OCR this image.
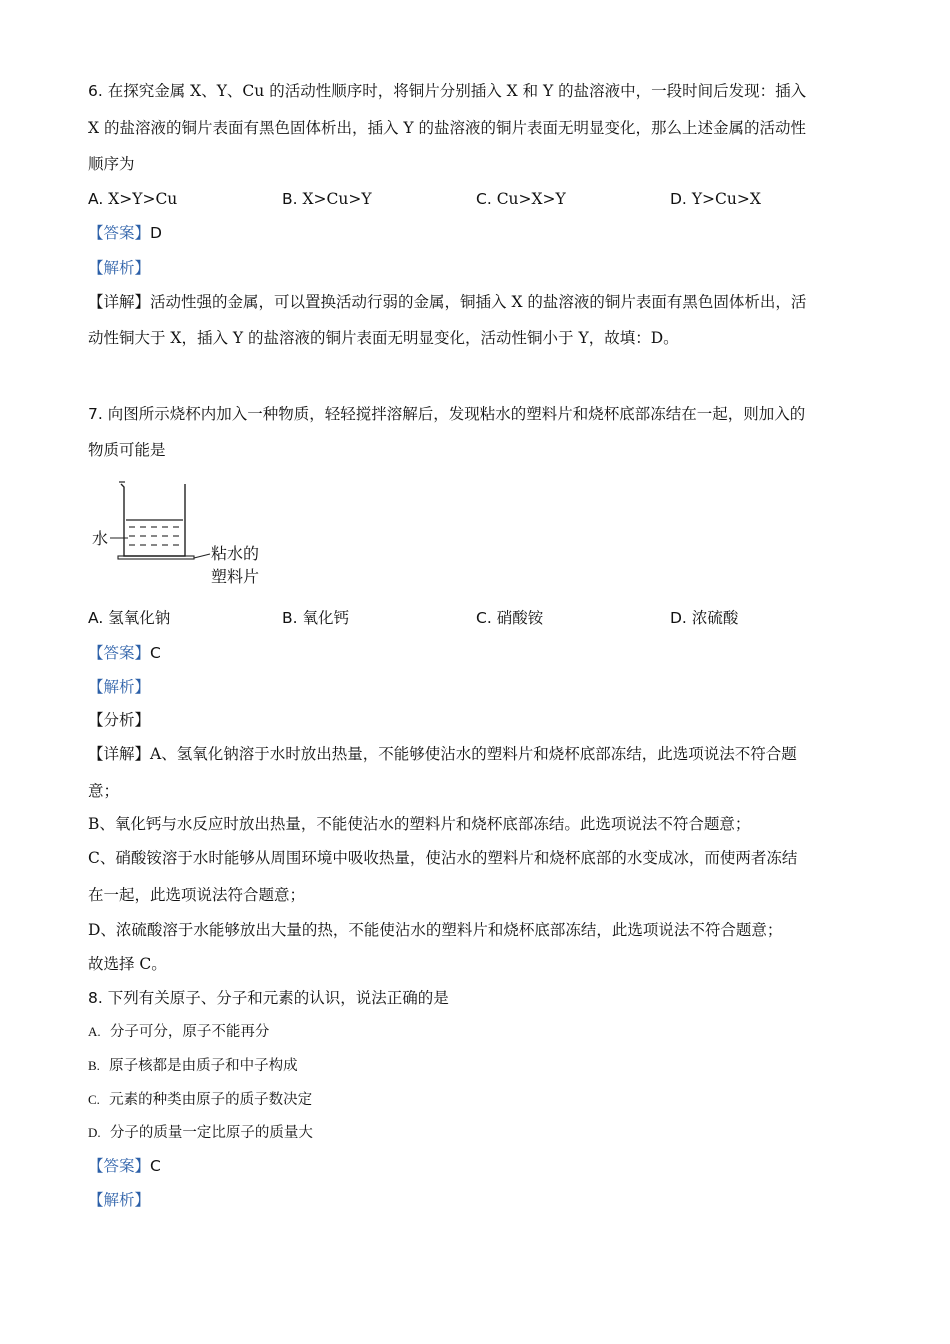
6. 在探究金属 X、Y、Cu 的活动性顺序时，将铜片分别插入 X 和 Y 的盐溶液中，一段时间后发现：插入
X 的盐溶液的铜片表面有黑色固体析出，插入 Y 的盐溶液的铜片表面无明显变化，那么上述金属的活动性
顺序为
A. X>Y>Cu	B. X>Cu>Y	C. Cu>X>Y	D. Y>Cu>X
【答案】D
【解析】
【详解】活动性强的金属，可以置换活动行弱的金属，铜插入 X 的盐溶液的铜片表面有黑色固体析出，活
动性铜大于 X，插入 Y 的盐溶液的铜片表面无明显变化，活动性铜小于 Y，故填：D。
7. 向图所示烧杯内加入一种物质，轻轻搅拌溶解后，发现粘水的塑料片和烧杯底部冻结在一起，则加入的
物质可能是
水
粘水的
塑料片
A. 氢氧化钠	B. 氧化钙	C. 硝酸铵	D. 浓硫酸
【答案】C
【解析】
【分析】
【详解】A、氢氧化钠溶于水时放出热量，不能够使沾水的塑料片和烧杯底部冻结，此选项说法不符合题
意；
B、氧化钙与水反应时放出热量，不能使沾水的塑料片和烧杯底部冻结。此选项说法不符合题意；
C、硝酸铵溶于水时能够从周围环境中吸收热量，使沾水的塑料片和烧杯底部的水变成冰，而使两者冻结
在一起，此选项说法符合题意；
D、浓硫酸溶于水能够放出大量的热，不能使沾水的塑料片和烧杯底部冻结，此选项说法不符合题意；
故选择 C。
8. 下列有关原子、分子和元素的认识，说法正确的是
A. 分子可分，原子不能再分
B. 原子核都是由质子和中子构成
C. 元素的种类由原子的质子数决定
D. 分子的质量一定比原子的质量大
【答案】C
【解析】
